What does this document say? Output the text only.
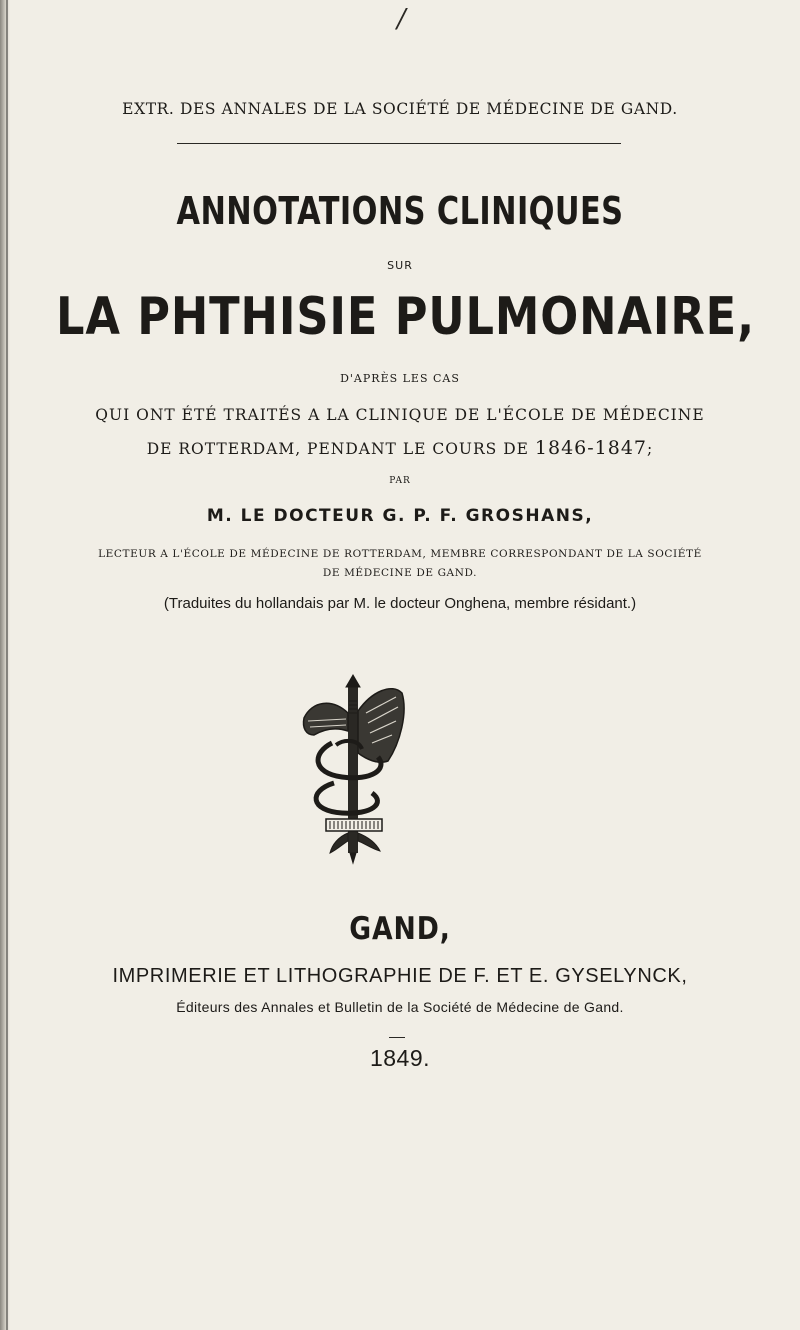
/
EXTR. DES ANNALES DE LA SOCIÉTÉ DE MÉDECINE DE GAND.
ANNOTATIONS CLINIQUES
SUR
LA PHTHISIE PULMONAIRE,
D'APRÈS LES CAS
QUI ONT ÉTÉ TRAITÉS A LA CLINIQUE DE L'ÉCOLE DE MÉDECINE
DE ROTTERDAM, PENDANT LE COURS DE 1846-1847;
PAR
M. LE DOCTEUR G. P. F. GROSHANS,
LECTEUR A L'ÉCOLE DE MÉDECINE DE ROTTERDAM, MEMBRE CORRESPONDANT DE LA SOCIÉTÉ
DE MÉDECINE DE GAND.
(Traduites du hollandais par M. le docteur Onghena, membre résidant.)
GAND,
IMPRIMERIE ET LITHOGRAPHIE DE F. ET E. GYSELYNCK,
Éditeurs des Annales et Bulletin de la Société de Médecine de Gand.
1849.
